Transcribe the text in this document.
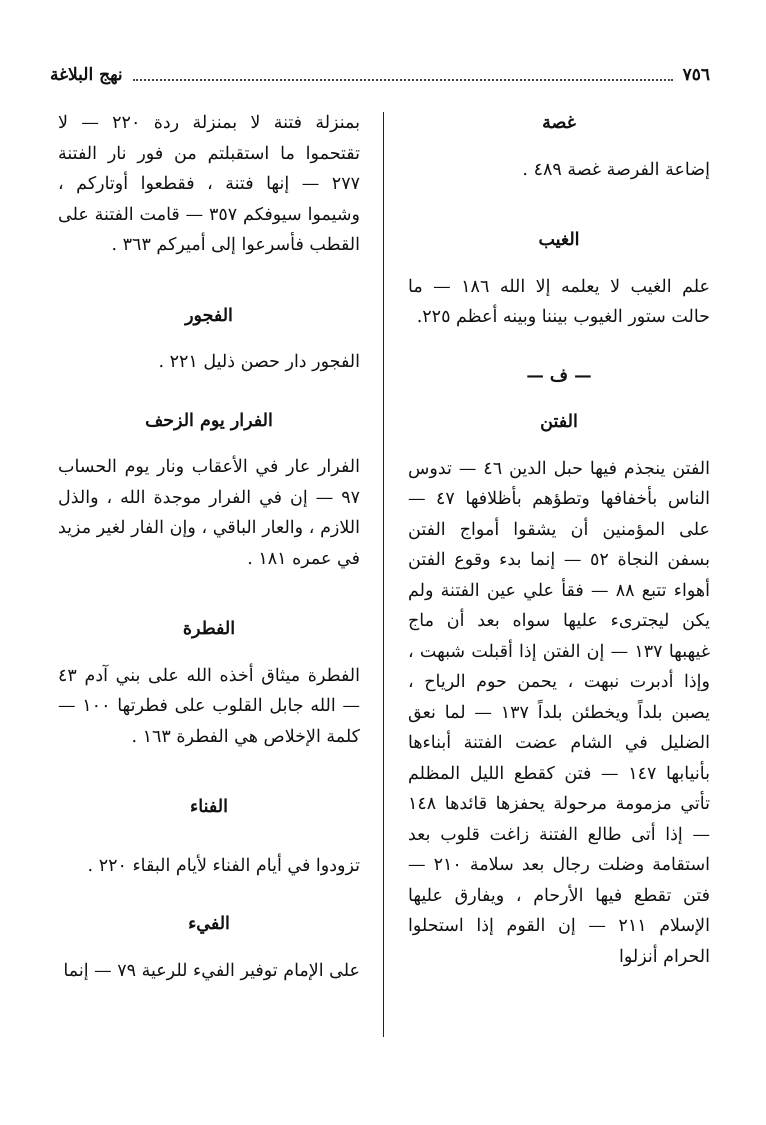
٧٥٦
نهج البلاغة

غصة

إضاعة الفرصة غصة ٤٨٩ .

الغيب

علم الغيب لا يعلمه إلا الله ١٨٦ — ما حالت ستور الغيوب بيننا وبينه أعظم ٢٢٥.

— ف —

الفتن

الفتن ينجذم فيها حبل الدين ٤٦ — تدوس الناس بأخفافها وتطؤهم بأظلافها ٤٧ — على المؤمنين أن يشقوا أمواج الفتن بسفن النجاة ٥٢ — إنما بدء وقوع الفتن أهواء تتبع ٨٨ — فقأ علي عين الفتنة ولم يكن ليجترىء عليها سواه بعد أن ماج غيهبها ١٣٧ — إن الفتن إذا أقبلت شبهت ، وإذا أدبرت نبهت ، يحمن حوم الرياح ، يصبن بلداً ويخطئن بلداً ١٣٧ — لما نعق الضليل في الشام عضت الفتنة أبناءها بأنيابها ١٤٧ — فتن كقطع الليل المظلم تأتي مزمومة مرحولة يحفزها قائدها ١٤٨ — إذا أتى طالع الفتنة زاغت قلوب بعد استقامة وضلت رجال بعد سلامة ٢١٠ — فتن تقطع فيها الأرحام ، ويفارق عليها الإسلام ٢١١ — إن القوم إذا استحلوا الحرام أنزلوا

بمنزلة فتنة لا بمنزلة ردة ٢٢٠ — لا تقتحموا ما استقبلتم من فور نار الفتنة ٢٧٧ — إنها فتنة ، فقطعوا أوتاركم ، وشيموا سيوفكم ٣٥٧ — قامت الفتنة على القطب فأسرعوا إلى أميركم ٣٦٣ .

الفجور

الفجور دار حصن ذليل ٢٢١ .

الفرار يوم الزحف

الفرار عار في الأعقاب ونار يوم الحساب ٩٧ — إن في الفرار موجدة الله ، والذل اللازم ، والعار الباقي ، وإن الفار لغير مزيد في عمره ١٨١ .

الفطرة

الفطرة ميثاق أخذه الله على بني آدم ٤٣ — الله جابل القلوب على فطرتها ١٠٠ — كلمة الإخلاص هي الفطرة ١٦٣ .

الفناء

تزودوا في أيام الفناء لأيام البقاء ٢٢٠ .

الفيء

على الإمام توفير الفيء للرعية ٧٩ — إنما
